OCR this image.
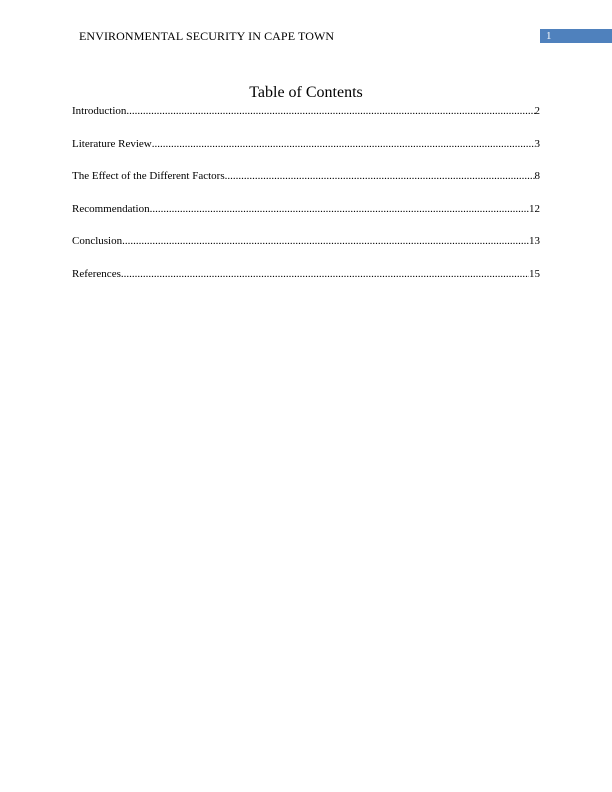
ENVIRONMENTAL SECURITY IN CAPE TOWN	1
Table of Contents
Introduction .....	2
Literature Review .....	3
The Effect of the Different Factors .....	8
Recommendation .....	12
Conclusion .....	13
References .....	15
